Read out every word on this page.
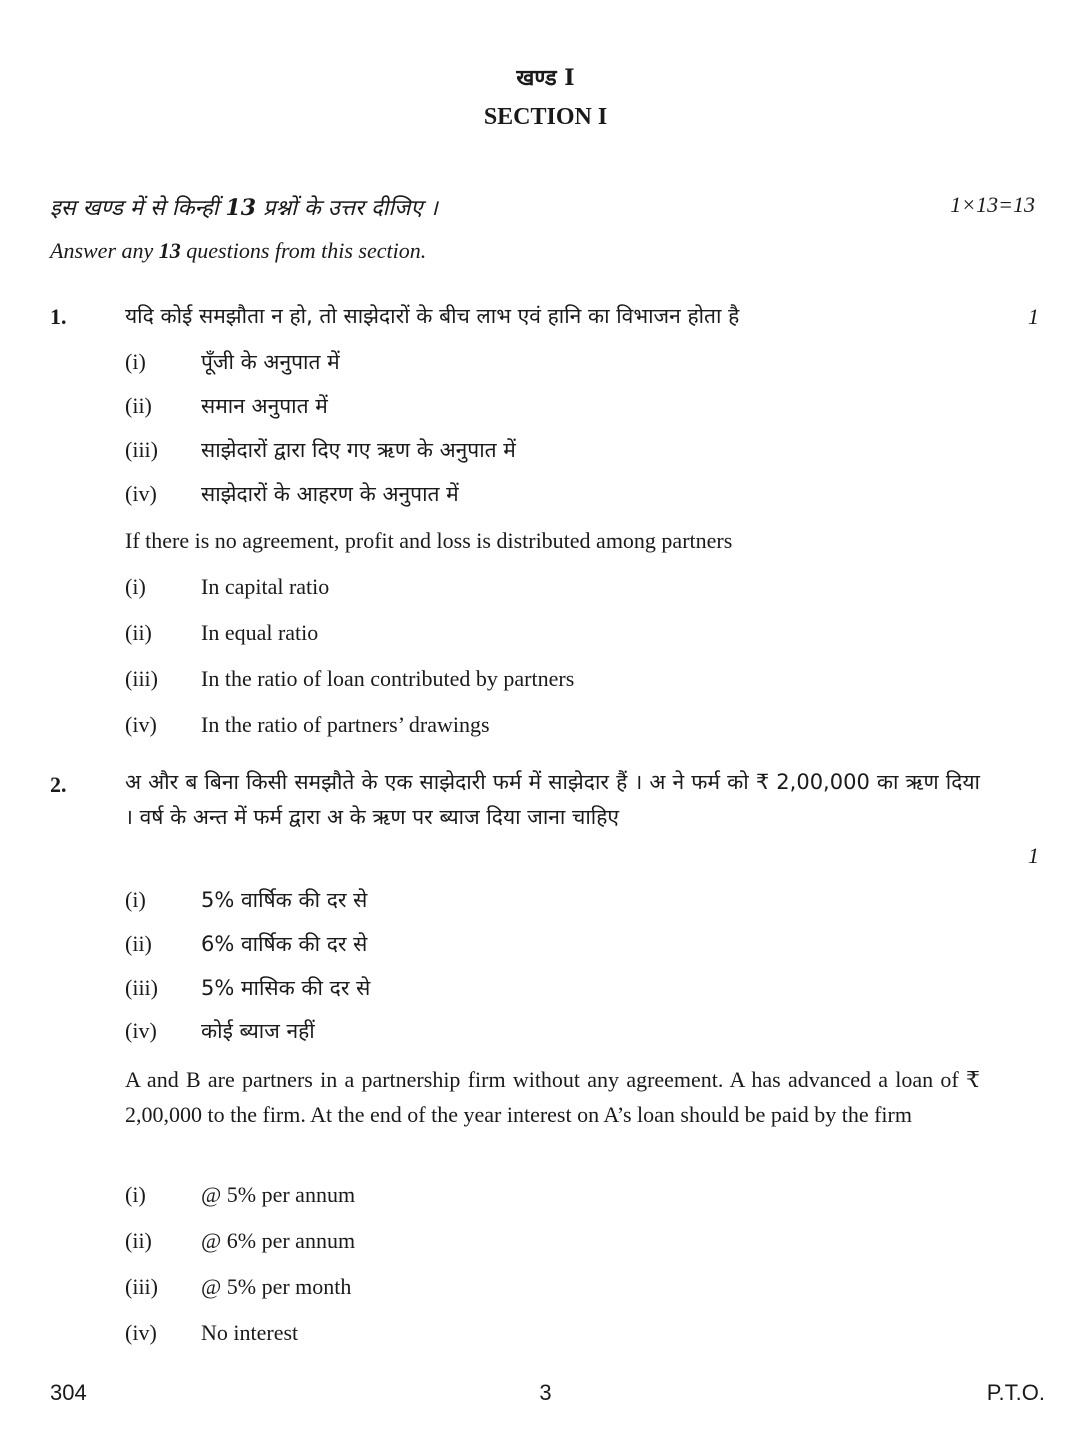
खण्ड I
SECTION I
इस खण्ड में से किन्हीं 13 प्रश्नों के उत्तर दीजिए ।	1×13=13
Answer any 13 questions from this section.
1.	यदि कोई समझौता न हो, तो साझेदारों के बीच लाभ एवं हानि का विभाजन होता है	1
(i)	पूँजी के अनुपात में
(ii) समान अनुपात में
(iii) साझेदारों द्वारा दिए गए ऋण के अनुपात में
(iv) साझेदारों के आहरण के अनुपात में
If there is no agreement, profit and loss is distributed among partners
(i)	In capital ratio
(ii) In equal ratio
(iii) In the ratio of loan contributed by partners
(iv) In the ratio of partners’ drawings
2.	अ और ब बिना किसी समझौते के एक साझेदारी फर्म में साझेदार हैं । अ ने फर्म को ₹ 2,00,000 का ऋण दिया । वर्ष के अन्त में फर्म द्वारा अ के ऋण पर ब्याज दिया जाना चाहिए
1
(i)	5% वार्षिक की दर से
(ii) 6% वार्षिक की दर से
(iii) 5% मासिक की दर से
(iv) कोई ब्याज नहीं
A and B are partners in a partnership firm without any agreement. A has advanced a loan of ₹ 2,00,000 to the firm. At the end of the year interest on A’s loan should be paid by the firm
(i)	@ 5% per annum
(ii) @ 6% per annum
(iii) @ 5% per month
(iv) No interest
304	3	P.T.O.
